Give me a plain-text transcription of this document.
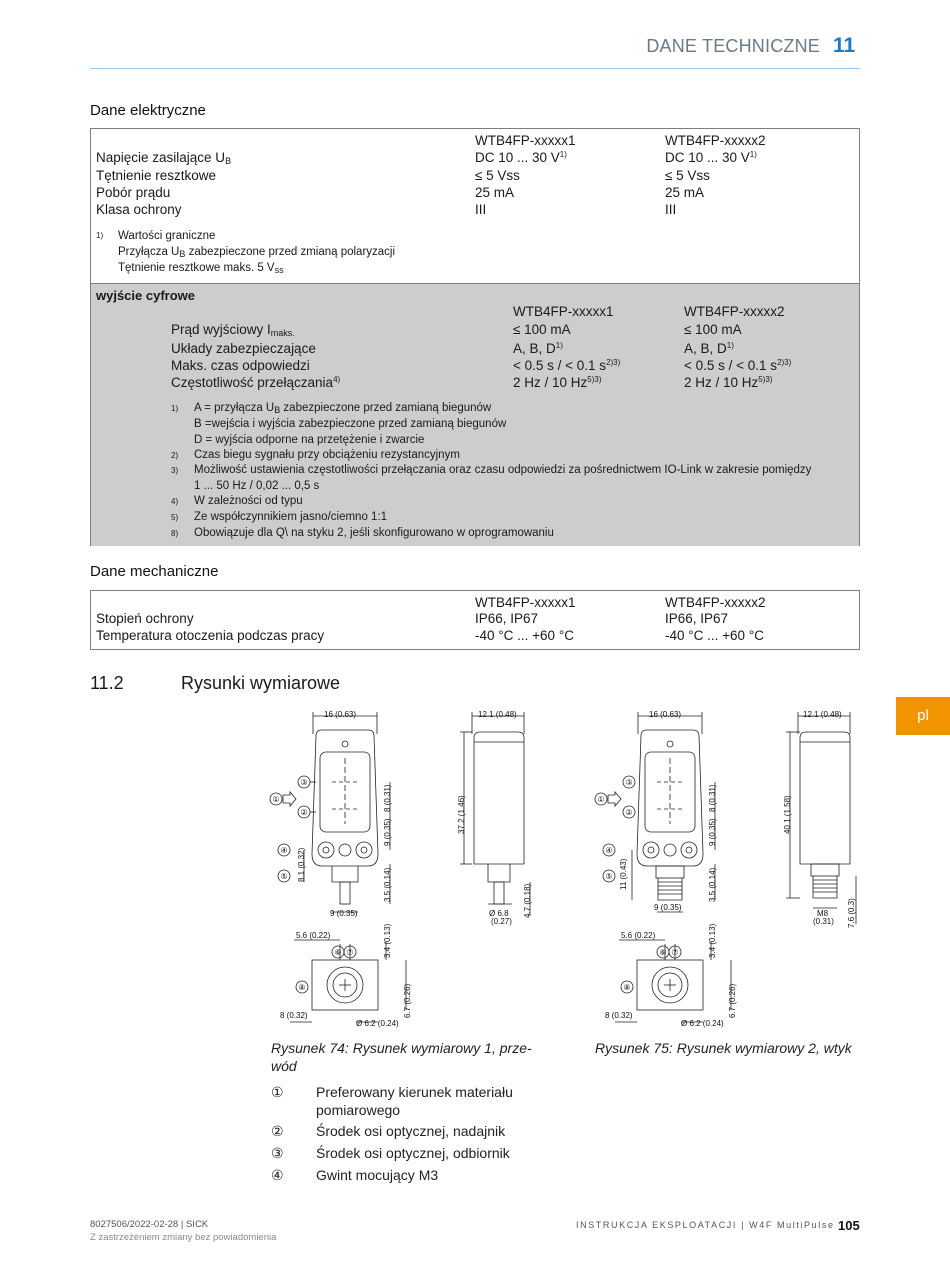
DANE TECHNICZNE 11
Dane elektryczne
WTB4FP-xxxxx1	WTB4FP-xxxxx2
Napięcie zasilające $U_B$	DC 10 ... 30 $V^{1)}$	DC 10 ... 30 $V^{1)}$
Tętnienie resztkowe	≤ 5 Vss	≤ 5 Vss
Pobór prądu	25 mA	25 mA
Klasa ochrony	III	III
1) Wartości graniczne
Przyłącza $U_B$ zabezpieczone przed zmianą polaryzacji
Tętnienie resztkowe maks. 5 $V_{ss}$
wyjście cyfrowe
WTB4FP-xxxxx1	WTB4FP-xxxxx2
Prąd wyjściowy $I_{maks.}$	≤ 100 mA	≤ 100 mA
Układy zabezpieczające	A, B, $D^{1)}$	A, B, $D^{1)}$
Maks. czas odpowiedzi	< 0.5 s / < 0.1 $s^{2)3)}$	< 0.5 s / < 0.1 $s^{2)3)}$
Częstotliwość przełączania$^{4)}$	2 Hz / 10 $Hz^{5)3)}$	2 Hz / 10 $Hz^{5)3)}$
1) A = przyłącza $U_B$ zabezpieczone przed zamianą biegunów
B =wejścia i wyjścia zabezpieczone przed zamianą biegunów
D = wyjścia odporne na przetężenie i zwarcie
2) Czas biegu sygnału przy obciążeniu rezystancyjnym
3) Możliwość ustawienia częstotliwości przełączania oraz czasu odpowiedzi za pośrednictwem IO-Link w zakresie pomiędzy
1 ... 50 Hz / 0,02 ... 0,5 s
4) W zależności od typu
5) Ze współczynnikiem jasno/ciemno 1:1
8) Obowiązuje dla Q\ na styku 2, jeśli skonfigurowano w oprogramowaniu
Dane mechaniczne
WTB4FP-xxxxx1	WTB4FP-xxxxx2
Stopień ochrony	IP66, IP67	IP66, IP67
Temperatura otoczenia podczas pracy	-40 °C ... +60 °C	-40 °C ... +60 °C
11.2	Rysunki wymiarowe
pl
16 (0.63)	12.1 (0.48)
37.2 (1.46)
8 (0.31)
9 (0.35)
8.1 (0.32)
3.5 (0.14)
9 (0.35)	4.7 (0.18)
Ø 6.8
(0.27)
5.6 (0.22)	3.4 (0.13)
6.7 (0.26)
8 (0.32)
Ø 6.2 (0.24)
16 (0.63)	12.1 (0.48)
40.1 (1.58)
8 (0.31)
9 (0.35)
11 (0.43)	3.5 (0.14)
9 (0.35)
M8
(0.31) 7.6 (0.3)
5.6 (0.22)	3.4 (0.13)
6.7 (0.26)
8 (0.32)
Ø 6.2 (0.24)
③
②
①
④
⑤
⑥ ⑦
⑧
③
②
①
④
⑤
⑥ ⑦
⑧
Rysunek 74: Rysunek wymiarowy 1, prze‐
wód
Rysunek 75: Rysunek wymiarowy 2, wtyk
① Preferowany kierunek materiału
pomiarowego
② Środek osi optycznej, nadajnik
③ Środek osi optycznej, odbiornik
④ Gwint mocujący M3
8027506/2022-02-28 | SICK
Z zastrzeżeniem zmiany bez powiadomienia
INSTRUKCJA EKSPLOATACJI | W4F MultiPulse 105
